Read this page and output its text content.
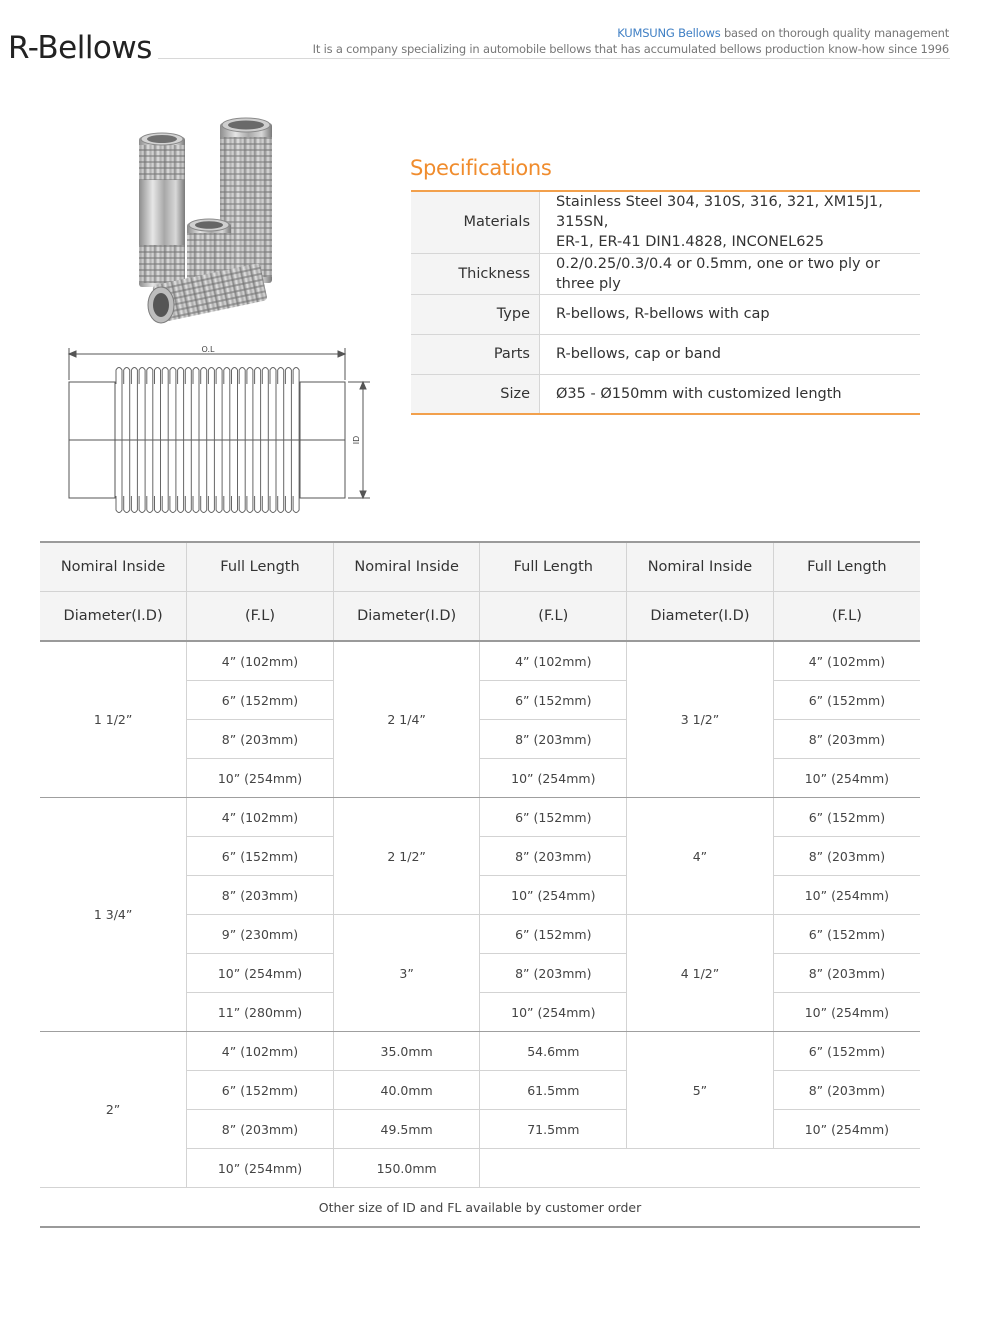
R-Bellows	KUMSUNG Bellows based on thorough quality management
It is a company specializing in automobile bellows that has accumulated bellows production know-how since 1996
O.L
ID
Specifications
Materials	Stainless Steel 304, 310S, 316, 321, XM15J1, 315SN,
ER-1, ER-41 DIN1.4828, INCONEL625

Thickness	0.2/0.25/0.3/0.4 or 0.5mm, one or two ply or three ply
Type	R-bellows, R-bellows with cap
Parts	R-bellows, cap or band
Size	Ø35 - Ø150mm with customized length
Nomiral Inside	Full Length	Nomiral Inside	Full Length	Nomiral Inside	Full Length
Diameter(I.D)	(F.L)	Diameter(I.D)	(F.L)	Diameter(I.D)	(F.L)
1 1/2”	4” (102mm)	2 1/4”	4” (102mm)	3 1/2”	4” (102mm)
	6” (152mm)		6” (152mm)		6” (152mm)
	8” (203mm)		8” (203mm)		8” (203mm)
	10” (254mm)		10” (254mm)		10” (254mm)
1 3/4”	4” (102mm)	2 1/2”	6” (152mm)	4”	6” (152mm)
	6” (152mm)		8” (203mm)		8” (203mm)
	8” (203mm)		10” (254mm)		10” (254mm)
	9” (230mm)	3”	6” (152mm)	4 1/2”	6” (152mm)
	10” (254mm)		8” (203mm)		8” (203mm)
	11” (280mm)		10” (254mm)		10” (254mm)
2”	4” (102mm)	35.0mm	54.6mm	5”	6” (152mm)
	6” (152mm)	40.0mm	61.5mm		8” (203mm)
	8” (203mm)	49.5mm	71.5mm		10” (254mm)
	10” (254mm)	150.0mm			
Other size of ID and FL available by customer order					
